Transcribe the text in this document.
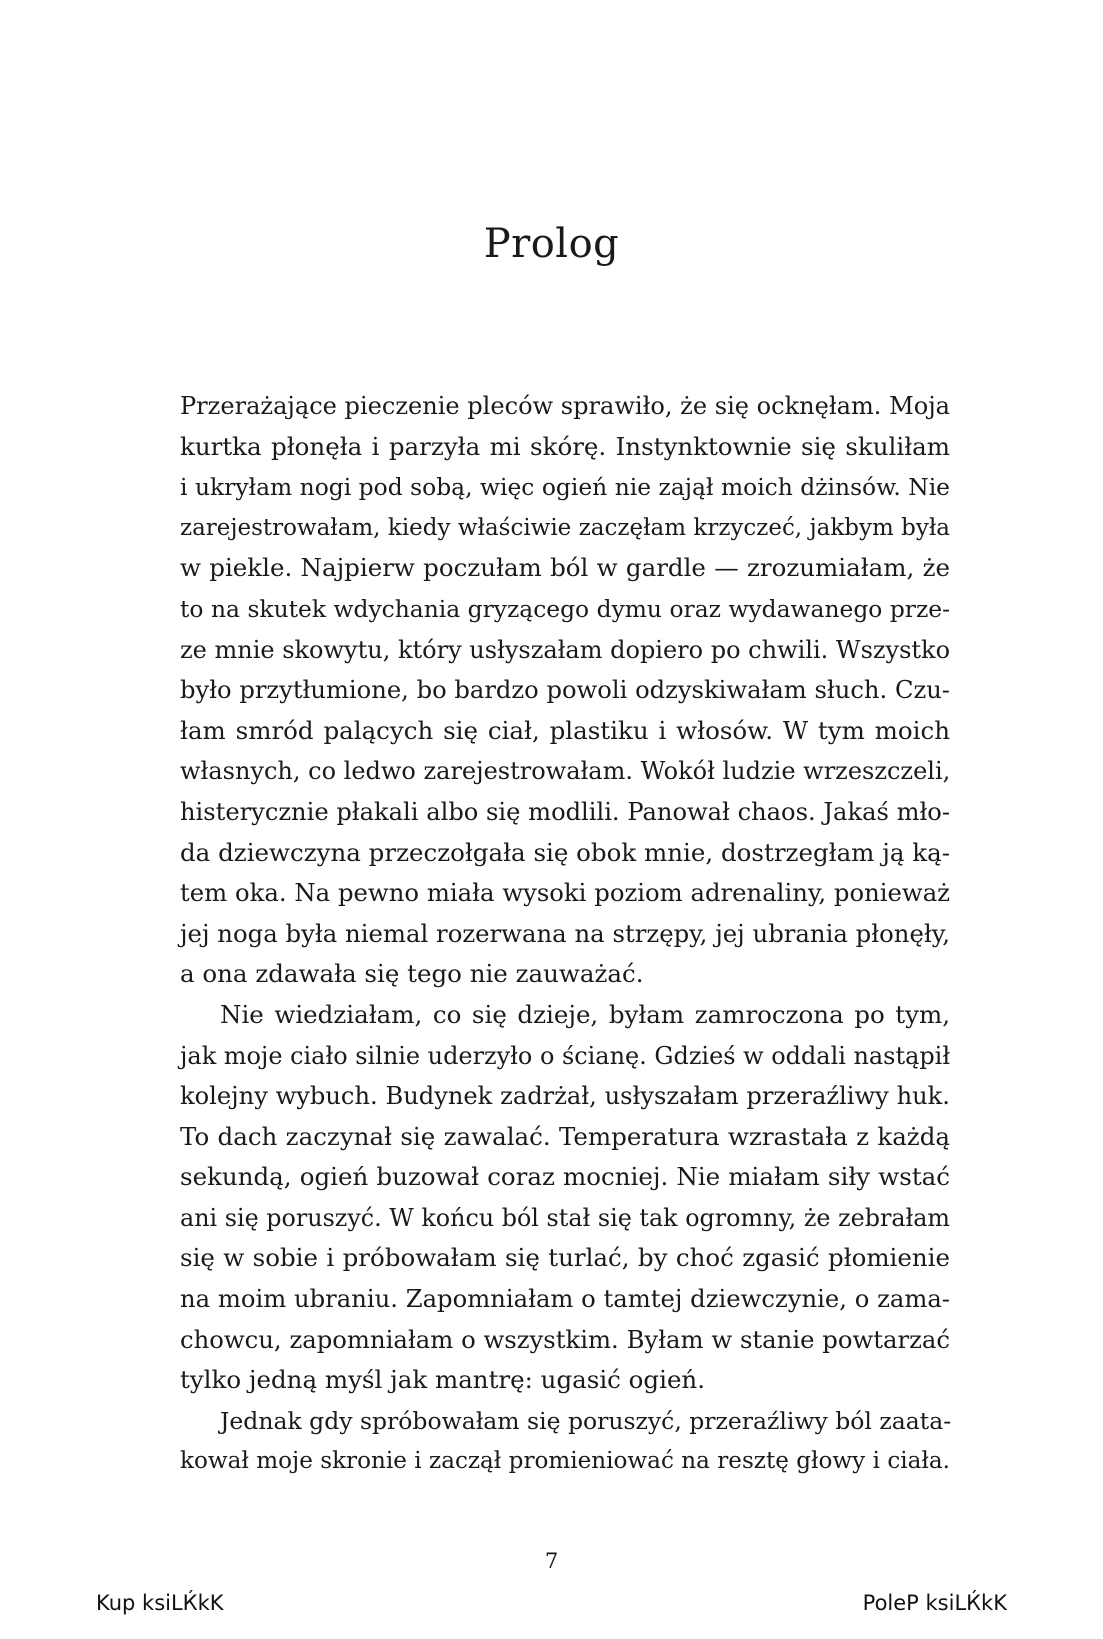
Prolog
Przerażające pieczenie pleców sprawiło, że się ocknęłam. Moja
kurtka płonęła i parzyła mi skórę. Instynktownie się skuliłam
i ukryłam nogi pod sobą, więc ogień nie zajął moich dżinsów. Nie
zarejestrowałam, kiedy właściwie zaczęłam krzyczeć, jakbym była
w piekle. Najpierw poczułam ból w gardle — zrozumiałam, że
to na skutek wdychania gryzącego dymu oraz wydawanego prze-
ze mnie skowytu, który usłyszałam dopiero po chwili. Wszystko
było przytłumione, bo bardzo powoli odzyskiwałam słuch. Czu-
łam smród palących się ciał, plastiku i włosów. W tym moich
własnych, co ledwo zarejestrowałam. Wokół ludzie wrzeszczeli,
histerycznie płakali albo się modlili. Panował chaos. Jakaś mło-
da dziewczyna przeczołgała się obok mnie, dostrzegłam ją ką-
tem oka. Na pewno miała wysoki poziom adrenaliny, ponieważ
jej noga była niemal rozerwana na strzępy, jej ubrania płonęły,
a ona zdawała się tego nie zauważać.
Nie wiedziałam, co się dzieje, byłam zamroczona po tym,
jak moje ciało silnie uderzyło o ścianę. Gdzieś w oddali nastąpił
kolejny wybuch. Budynek zadrżał, usłyszałam przeraźliwy huk.
To dach zaczynał się zawalać. Temperatura wzrastała z każdą
sekundą, ogień buzował coraz mocniej. Nie miałam siły wstać
ani się poruszyć. W końcu ból stał się tak ogromny, że zebrałam
się w sobie i próbowałam się turlać, by choć zgasić płomienie
na moim ubraniu. Zapomniałam o tamtej dziewczynie, o zama-
chowcu, zapomniałam o wszystkim. Byłam w stanie powtarzać
tylko jedną myśl jak mantrę: ugasić ogień.
Jednak gdy spróbowałam się poruszyć, przeraźliwy ból zaata-
kował moje skronie i zaczął promieniować na resztę głowy i ciała.
7
Kup ksiLЌkK	PoleP ksiLЌkK
